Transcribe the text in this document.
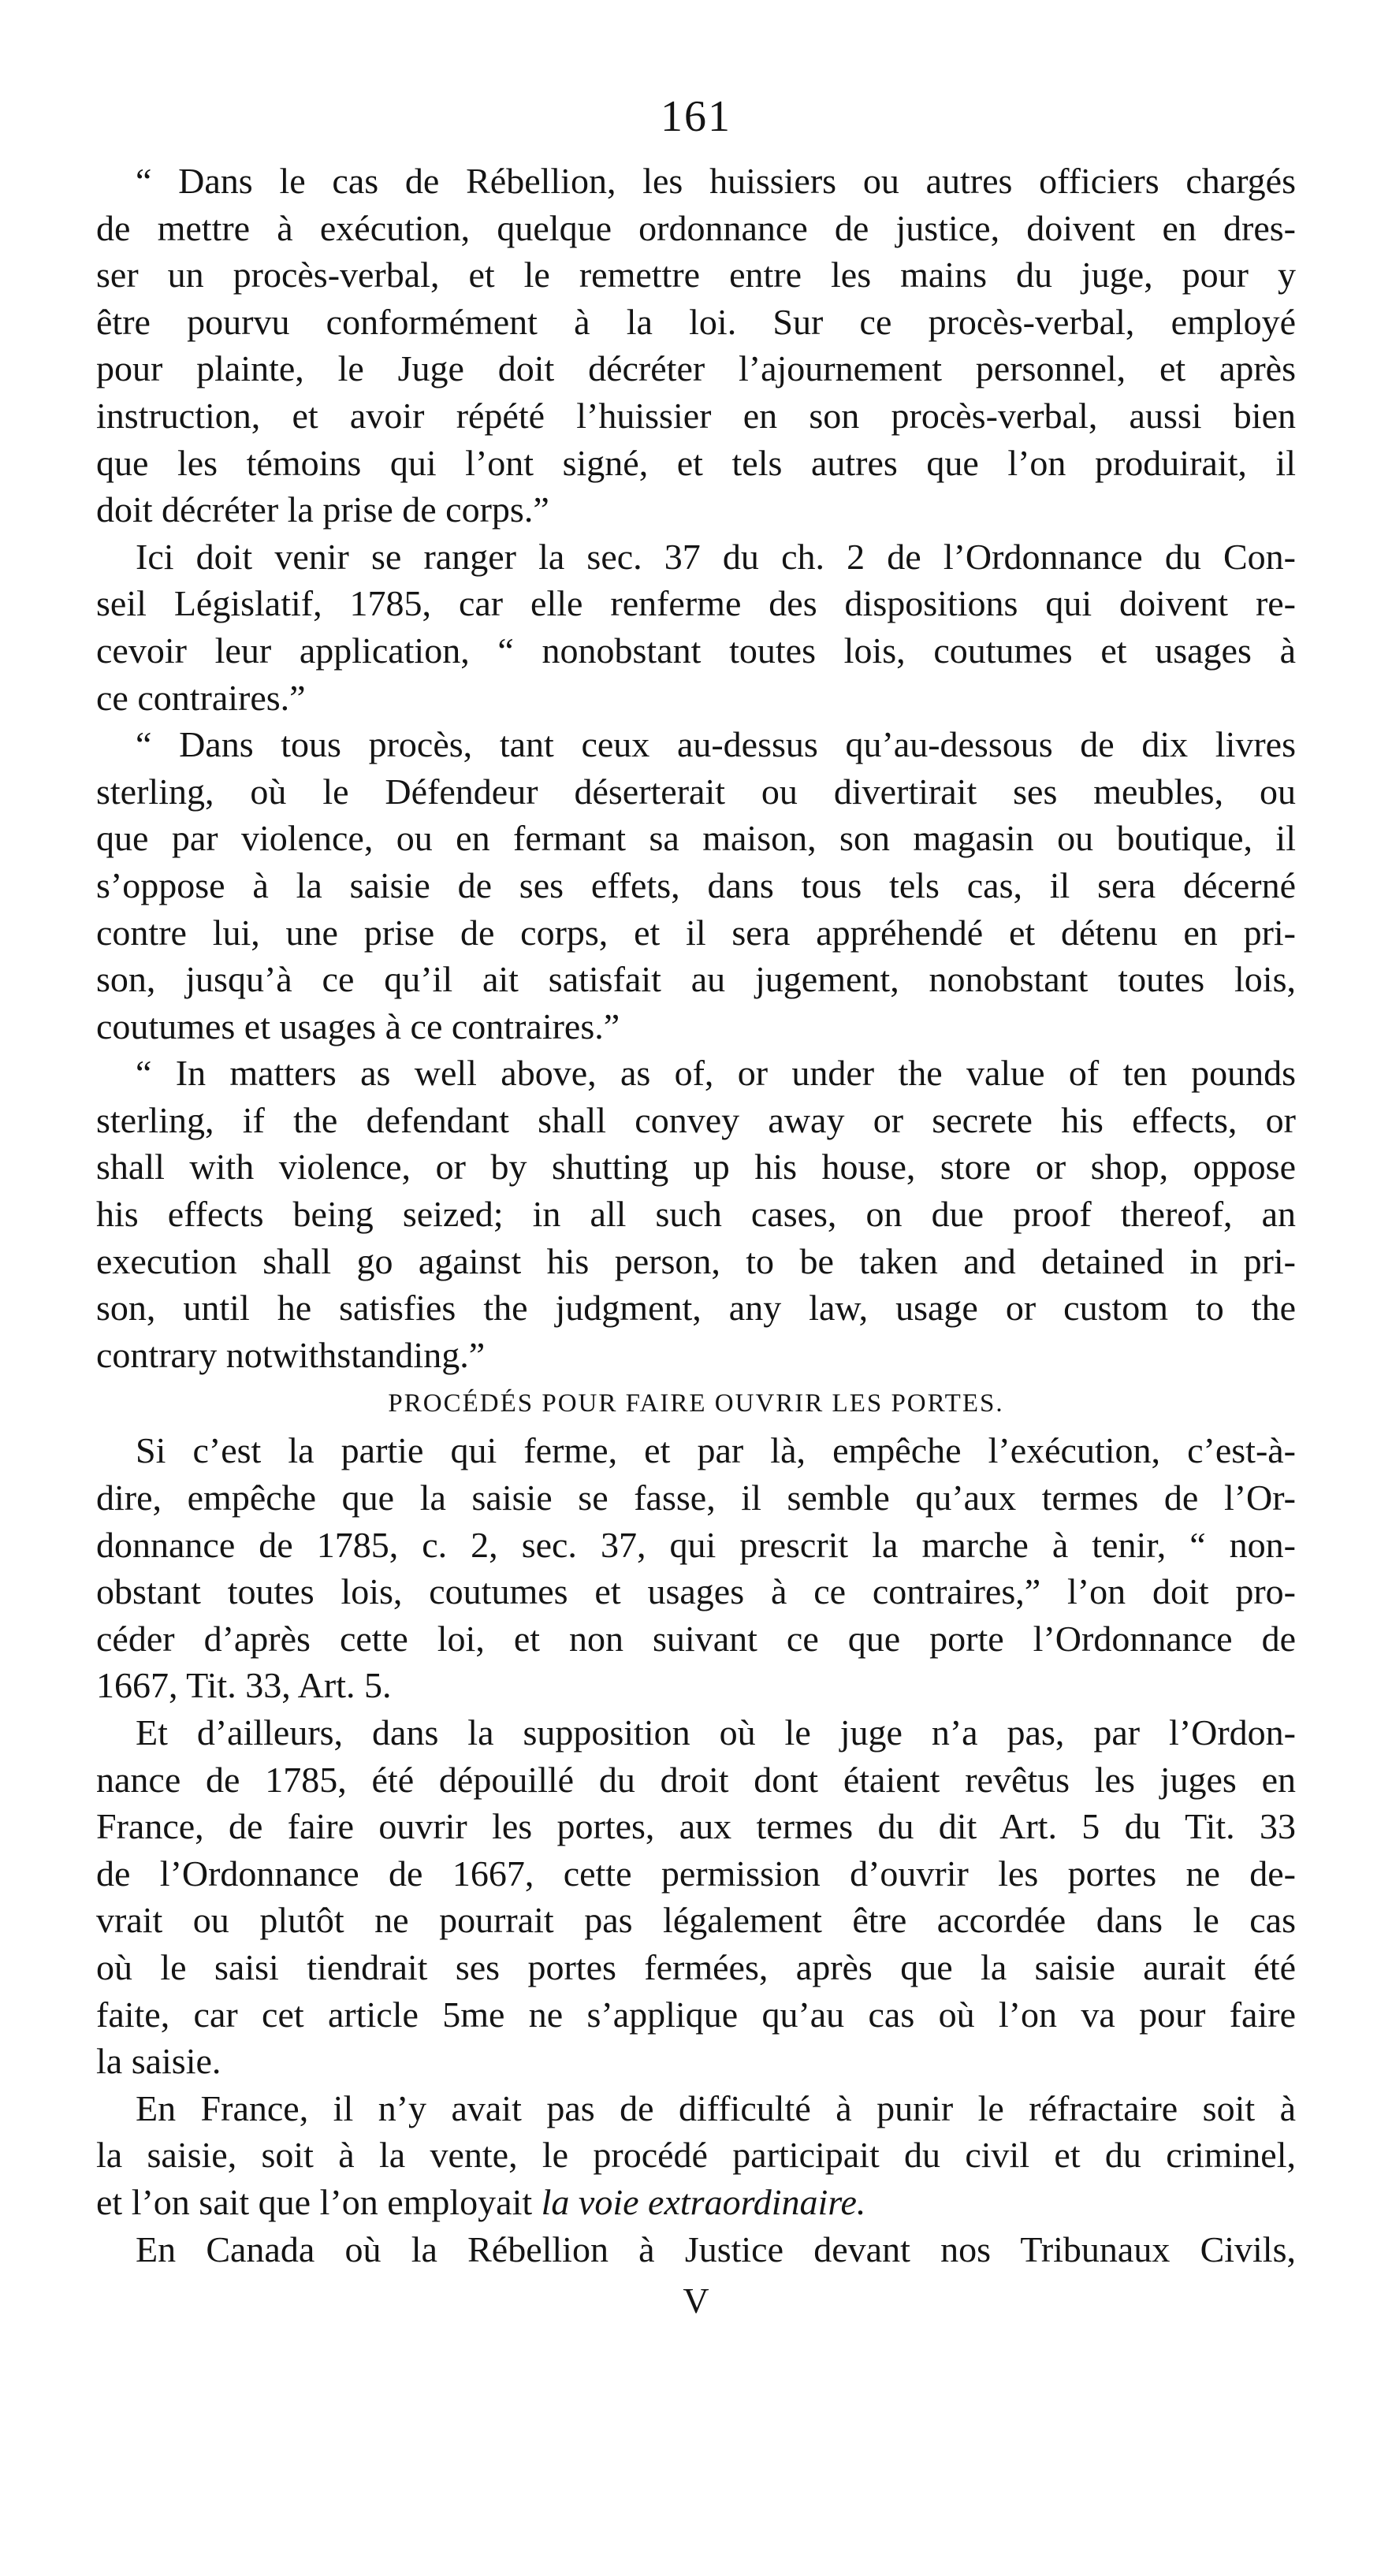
161

“ Dans le cas de Rébellion, les huissiers ou autres officiers chargés
de mettre à exécution, quelque ordonnance de justice, doivent en dres-
ser un procès-verbal, et le remettre entre les mains du juge, pour y
être pourvu conformément à la loi. Sur ce procès-verbal, employé
pour plainte, le Juge doit décréter l’ajournement personnel, et après
instruction, et avoir répété l’huissier en son procès-verbal, aussi bien
que les témoins qui l’ont signé, et tels autres que l’on produirait, il
doit décréter la prise de corps.”

Ici doit venir se ranger la sec. 37 du ch. 2 de l’Ordonnance du Con-
seil Législatif, 1785, car elle renferme des dispositions qui doivent re-
cevoir leur application, “ nonobstant toutes lois, coutumes et usages à
ce contraires.”

“ Dans tous procès, tant ceux au-dessus qu’au-dessous de dix livres
sterling, où le Défendeur déserterait ou divertirait ses meubles, ou
que par violence, ou en fermant sa maison, son magasin ou boutique, il
s’oppose à la saisie de ses effets, dans tous tels cas, il sera décerné
contre lui, une prise de corps, et il sera appréhendé et détenu en pri-
son, jusqu’à ce qu’il ait satisfait au jugement, nonobstant toutes lois,
coutumes et usages à ce contraires.”

“ In matters as well above, as of, or under the value of ten pounds
sterling, if the defendant shall convey away or secrete his effects, or
shall with violence, or by shutting up his house, store or shop, oppose
his effects being seized; in all such cases, on due proof thereof, an
execution shall go against his person, to be taken and detained in pri-
son, until he satisfies the judgment, any law, usage or custom to the
contrary notwithstanding.”

PROCÉDÉS POUR FAIRE OUVRIR LES PORTES.

Si c’est la partie qui ferme, et par là, empêche l’exécution, c’est-à-
dire, empêche que la saisie se fasse, il semble qu’aux termes de l’Or-
donnance de 1785, c. 2, sec. 37, qui prescrit la marche à tenir, “ non-
obstant toutes lois, coutumes et usages à ce contraires,” l’on doit pro-
céder d’après cette loi, et non suivant ce que porte l’Ordonnance de
1667, Tit. 33, Art. 5.

Et d’ailleurs, dans la supposition où le juge n’a pas, par l’Ordon-
nance de 1785, été dépouillé du droit dont étaient revêtus les juges en
France, de faire ouvrir les portes, aux termes du dit Art. 5 du Tit. 33
de l’Ordonnance de 1667, cette permission d’ouvrir les portes ne de-
vrait ou plutôt ne pourrait pas légalement être accordée dans le cas
où le saisi tiendrait ses portes fermées, après que la saisie aurait été
faite, car cet article 5me ne s’applique qu’au cas où l’on va pour faire
la saisie.

En France, il n’y avait pas de difficulté à punir le réfractaire soit à
la saisie, soit à la vente, le procédé participait du civil et du criminel,
et l’on sait que l’on employait la voie extraordinaire.
En Canada où la Rébellion à Justice devant nos Tribunaux Civils,

V
